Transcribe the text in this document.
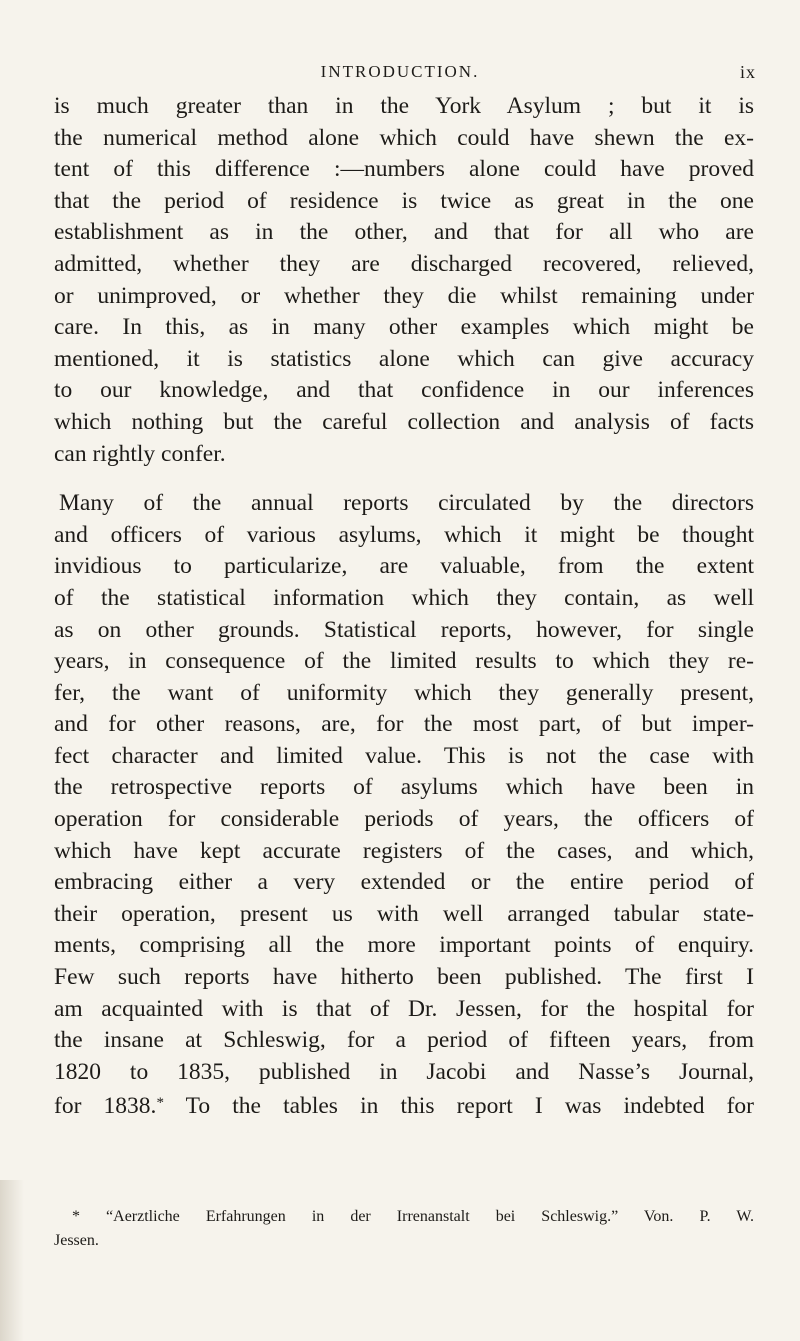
INTRODUCTION.	ix
is much greater than in the York Asylum ; but it is
the numerical method alone which could have shewn the ex-
tent of this difference :—numbers alone could have proved
that the period of residence is twice as great in the one
establishment as in the other, and that for all who are
admitted, whether they are discharged recovered, relieved,
or unimproved, or whether they die whilst remaining under
care. In this, as in many other examples which might be
mentioned, it is statistics alone which can give accuracy
to our knowledge, and that confidence in our inferences
which nothing but the careful collection and analysis of facts
can rightly confer.
Many of the annual reports circulated by the directors
and officers of various asylums, which it might be thought
invidious to particularize, are valuable, from the extent
of the statistical information which they contain, as well
as on other grounds. Statistical reports, however, for single
years, in consequence of the limited results to which they re-
fer, the want of uniformity which they generally present,
and for other reasons, are, for the most part, of but imper-
fect character and limited value. This is not the case with
the retrospective reports of asylums which have been in
operation for considerable periods of years, the officers of
which have kept accurate registers of the cases, and which,
embracing either a very extended or the entire period of
their operation, present us with well arranged tabular state-
ments, comprising all the more important points of enquiry.
Few such reports have hitherto been published. The first I
am acquainted with is that of Dr. Jessen, for the hospital for
the insane at Schleswig, for a period of fifteen years, from
1820 to 1835, published in Jacobi and Nasse’s Journal,
for 1838.* To the tables in this report I was indebted for
* “Aerztliche Erfahrungen in der Irrenanstalt bei Schleswig.” Von. P. W.
Jessen.
